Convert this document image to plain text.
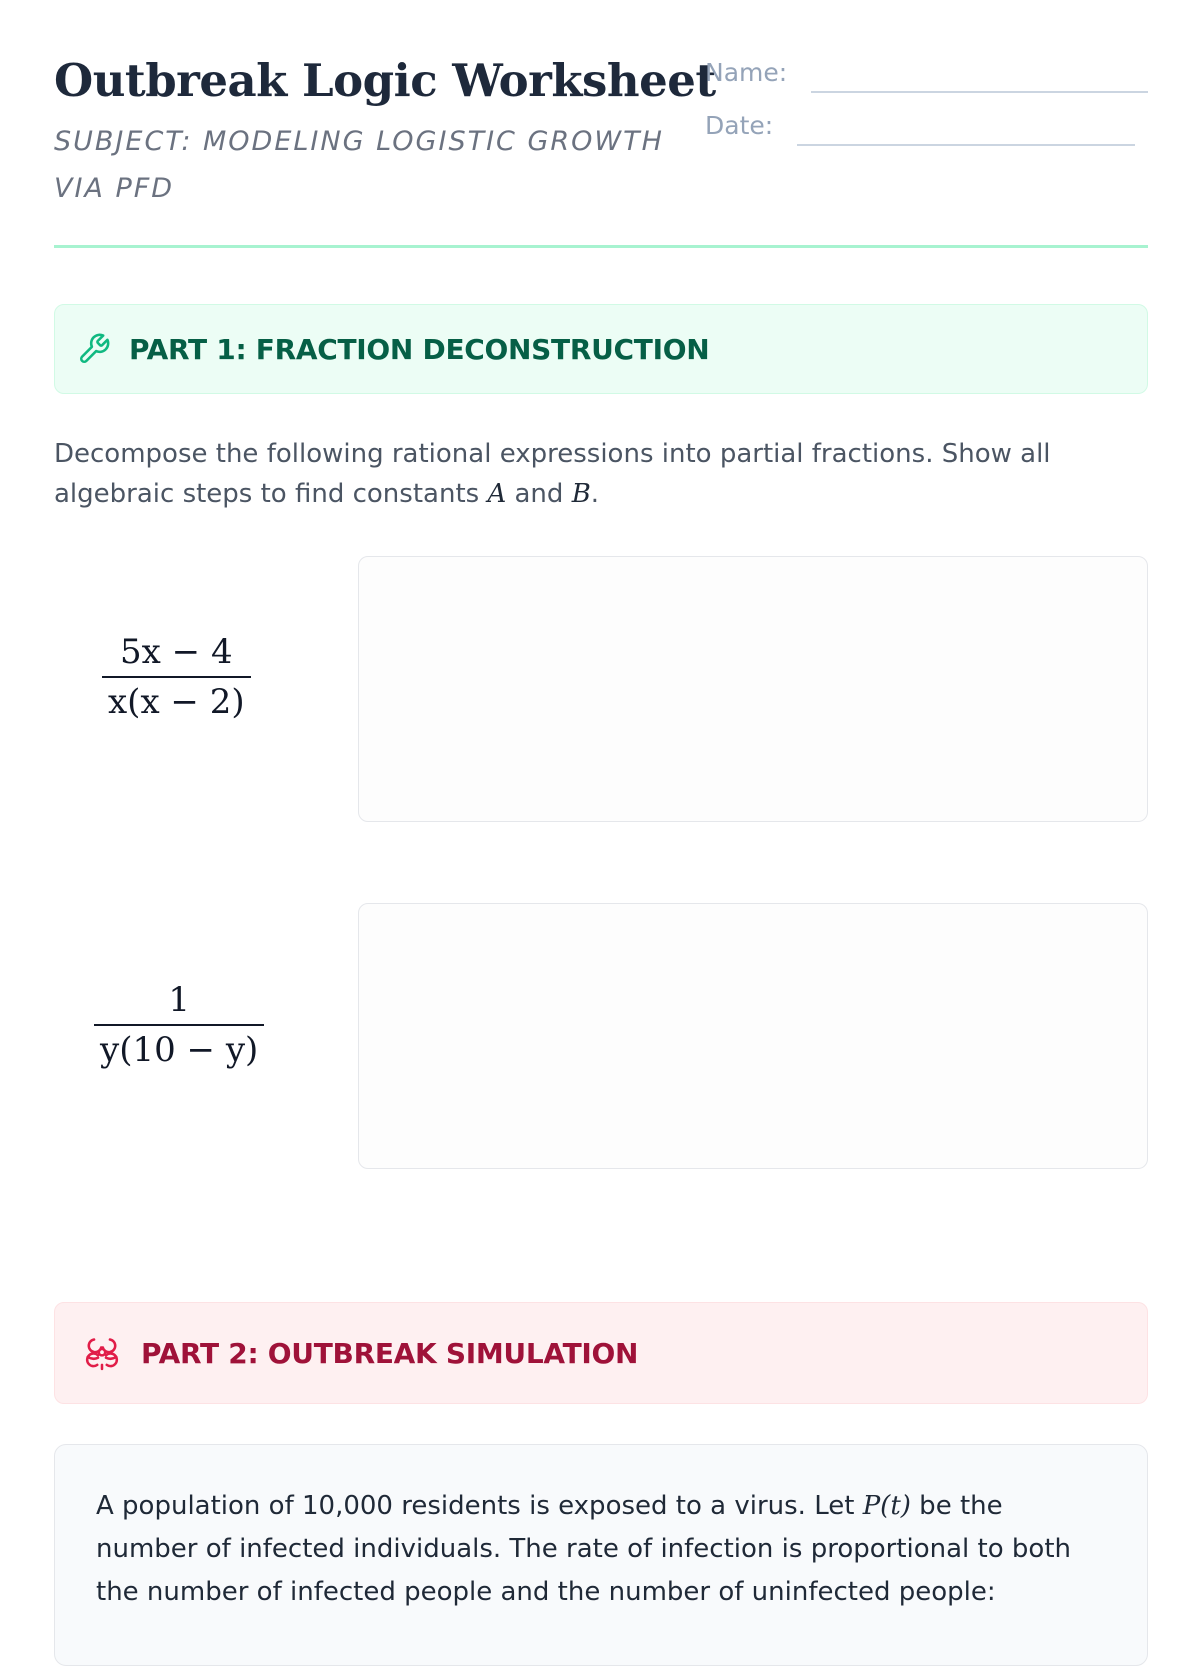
Outbreak Logic Worksheet
SUBJECT: MODELING LOGISTIC GROWTH VIA PFD
Name:
Date:
PART 1: FRACTION DECONSTRUCTION
Decompose the following rational expressions into partial fractions. Show all algebraic steps to find constants A and B.
5x − 4
x(x − 2)
1
y(10 − y)
PART 2: OUTBREAK SIMULATION
A population of 10,000 residents is exposed to a virus. Let P(t) be the number of infected individuals. The rate of infection is proportional to both the number of infected people and the number of uninfected people:
